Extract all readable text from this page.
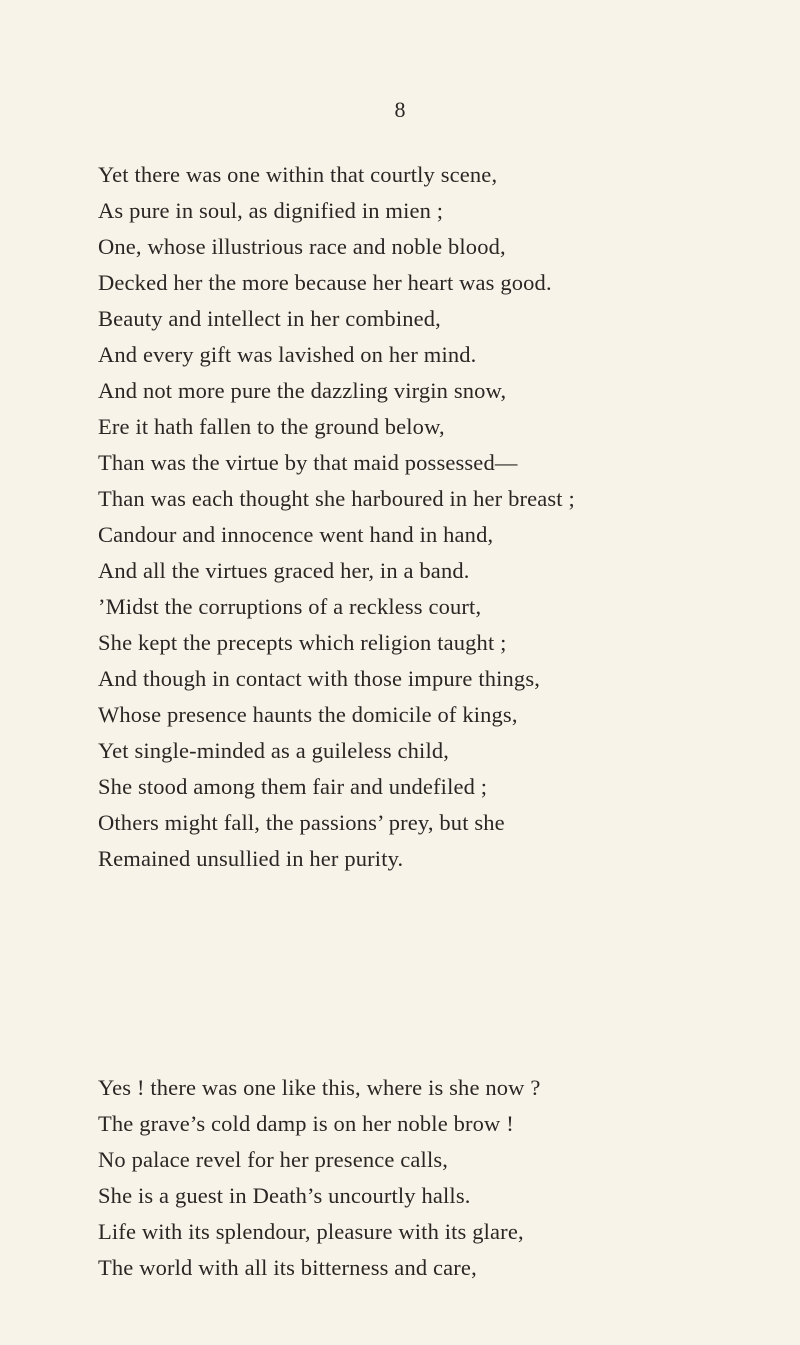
8
Yet there was one within that courtly scene,
As pure in soul, as dignified in mien ;
One, whose illustrious race and noble blood,
Decked her the more because her heart was good.
Beauty and intellect in her combined,
And every gift was lavished on her mind.
And not more pure the dazzling virgin snow,
Ere it hath fallen to the ground below,
Than was the virtue by that maid possessed—
Than was each thought she harboured in her breast ;
Candour and innocence went hand in hand,
And all the virtues graced her, in a band.
’Midst the corruptions of a reckless court,
She kept the precepts which religion taught ;
And though in contact with those impure things,
Whose presence haunts the domicile of kings,
Yet single-minded as a guileless child,
She stood among them fair and undefiled ;
Others might fall, the passions’ prey, but she
Remained unsullied in her purity.
Yes ! there was one like this, where is she now ?
The grave’s cold damp is on her noble brow !
No palace revel for her presence calls,
She is a guest in Death’s uncourtly halls.
Life with its splendour, pleasure with its glare,
The world with all its bitterness and care,
